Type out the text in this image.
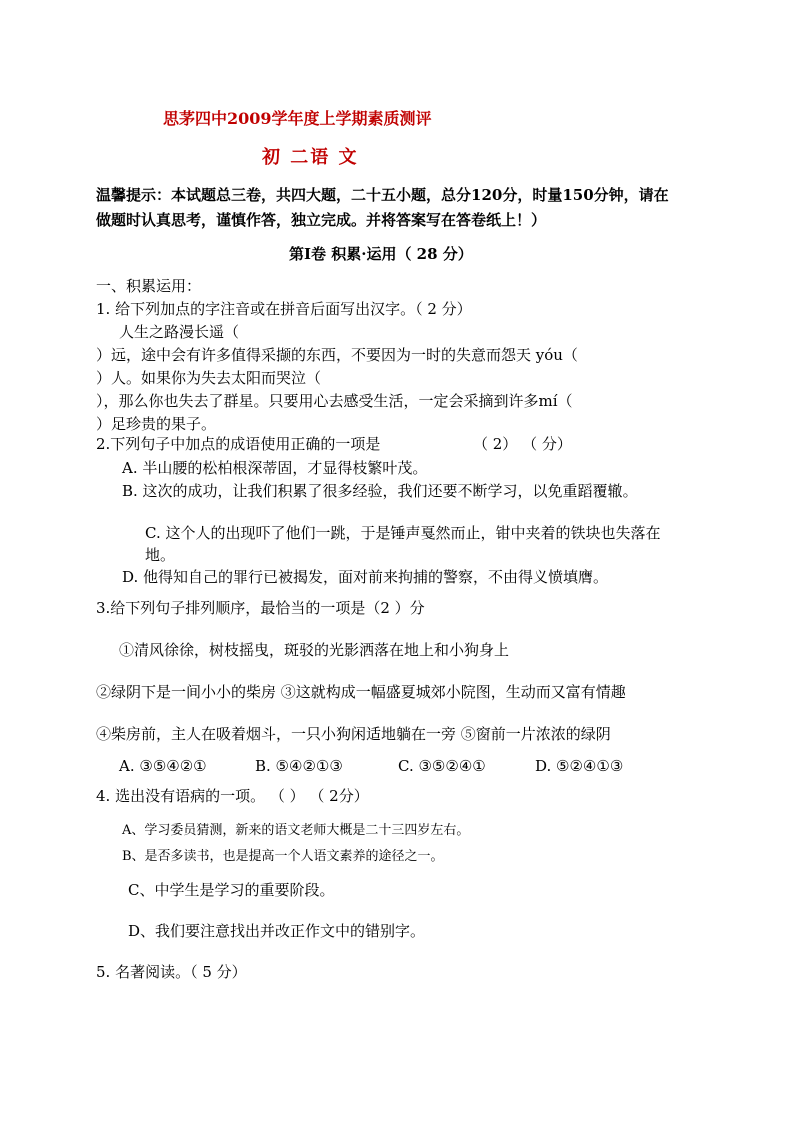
思茅四中2009学年度上学期素质测评
初 二语 文
温馨提示：本试题总三卷，共四大题，二十五小题，总分120分，时量150分钟，请在
做题时认真思考，谨慎作答，独立完成。并将答案写在答卷纸上！）
第Ⅰ卷 积累·运用（ 28 分）
一、积累运用：
1. 给下列加点的字注音或在拼音后面写出汉字。（ 2 分）
人生之路漫长遥（
）远，途中会有许多值得采撷的东西，不要因为一时的失意而怨天 yóu（
）人。如果你为失去太阳而哭泣（
），那么你也失去了群星。只要用心去感受生活，一定会采摘到许多mí（
）足珍贵的果子。
2.下列句子中加点的成语使用正确的一项是	（ 2） （ 分）
A. 半山腰的松柏根深蒂固，才显得枝繁叶茂。
B. 这次的成功，让我们积累了很多经验，我们还要不断学习，以免重蹈覆辙。
C. 这个人的出现吓了他们一跳，于是锤声戛然而止，钳中夹着的铁块也失落在
地。
D. 他得知自己的罪行已被揭发，面对前来拘捕的警察，不由得义愤填膺。
3.给下列句子排列顺序，最恰当的一项是（2 ）分
①清风徐徐，树枝摇曳，斑驳的光影洒落在地上和小狗身上
②绿阴下是一间小小的柴房 ③这就构成一幅盛夏城郊小院图，生动而又富有情趣
④柴房前，主人在吸着烟斗，一只小狗闲适地躺在一旁 ⑤窗前一片浓浓的绿阴
A. ③⑤④②①	B. ⑤④②①③	C. ③⑤②④①	D. ⑤②④①③
4. 选出没有语病的一项。 （ ） （ 2分）
A、学习委员猜测，新来的语文老师大概是二十三四岁左右。
B、是否多读书，也是提高一个人语文素养的途径之一。
C、中学生是学习的重要阶段。
D、我们要注意找出并改正作文中的错别字。
5. 名著阅读。（ 5 分）
